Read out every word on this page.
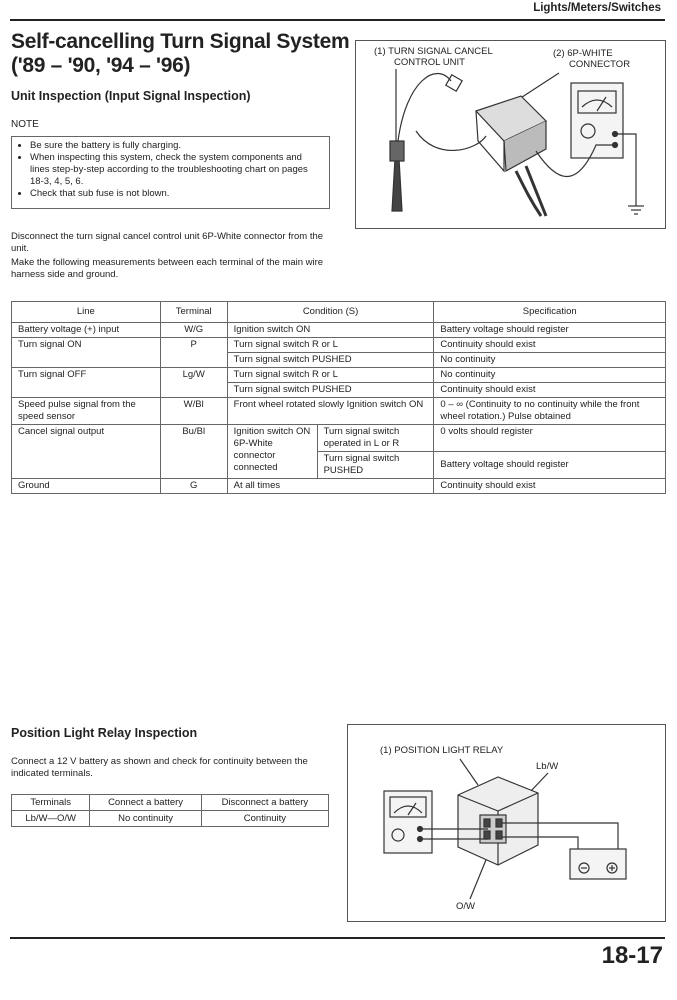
Lights/Meters/Switches
Self-cancelling Turn Signal System
('89 – '90, '94 – '96)
Unit Inspection (Input Signal Inspection)
NOTE
• Be sure the battery is fully charging.
• When inspecting this system, check the system components and lines step-by-step according to the troubleshooting chart on pages 18-3, 4, 5, 6.
• Check that sub fuse is not blown.
Disconnect the turn signal cancel control unit 6P-White connector from the unit.
Make the following measurements between each terminal of the main wire harness side and ground.
(1) TURN SIGNAL CANCEL
CONTROL UNIT
(2) 6P-WHITE
CONNECTOR
Line	Terminal	Condition (S)		Specification
Battery voltage (+) input	W/G	Ignition switch ON		Battery voltage should register
Turn signal ON	P	Turn signal switch R or L		Continuity should exist
		Turn signal switch PUSHED		No continuity
Turn signal OFF	Lg/W	Turn signal switch R or L		No continuity
		Turn signal switch PUSHED		Continuity should exist
Speed pulse signal from the speed sensor	W/Bl	Front wheel rotated slowly Ignition switch ON		0 – ∞ (Continuity to no continuity while the front wheel rotation.) Pulse obtained
Cancel signal output	Bu/Bl	Ignition switch ON 6P-White connector connected	Turn signal switch operated in L or R	0 volts should register
			Turn signal switch PUSHED	Battery voltage should register
Ground	G	At all times		Continuity should exist
Position Light Relay Inspection
Connect a 12 V battery as shown and check for continuity between the indicated terminals.
Terminals	Connect a battery	Disconnect a battery
Lb/W—O/W	No continuity	Continuity
(1) POSITION LIGHT RELAY
Lb/W
O/W
18-17
